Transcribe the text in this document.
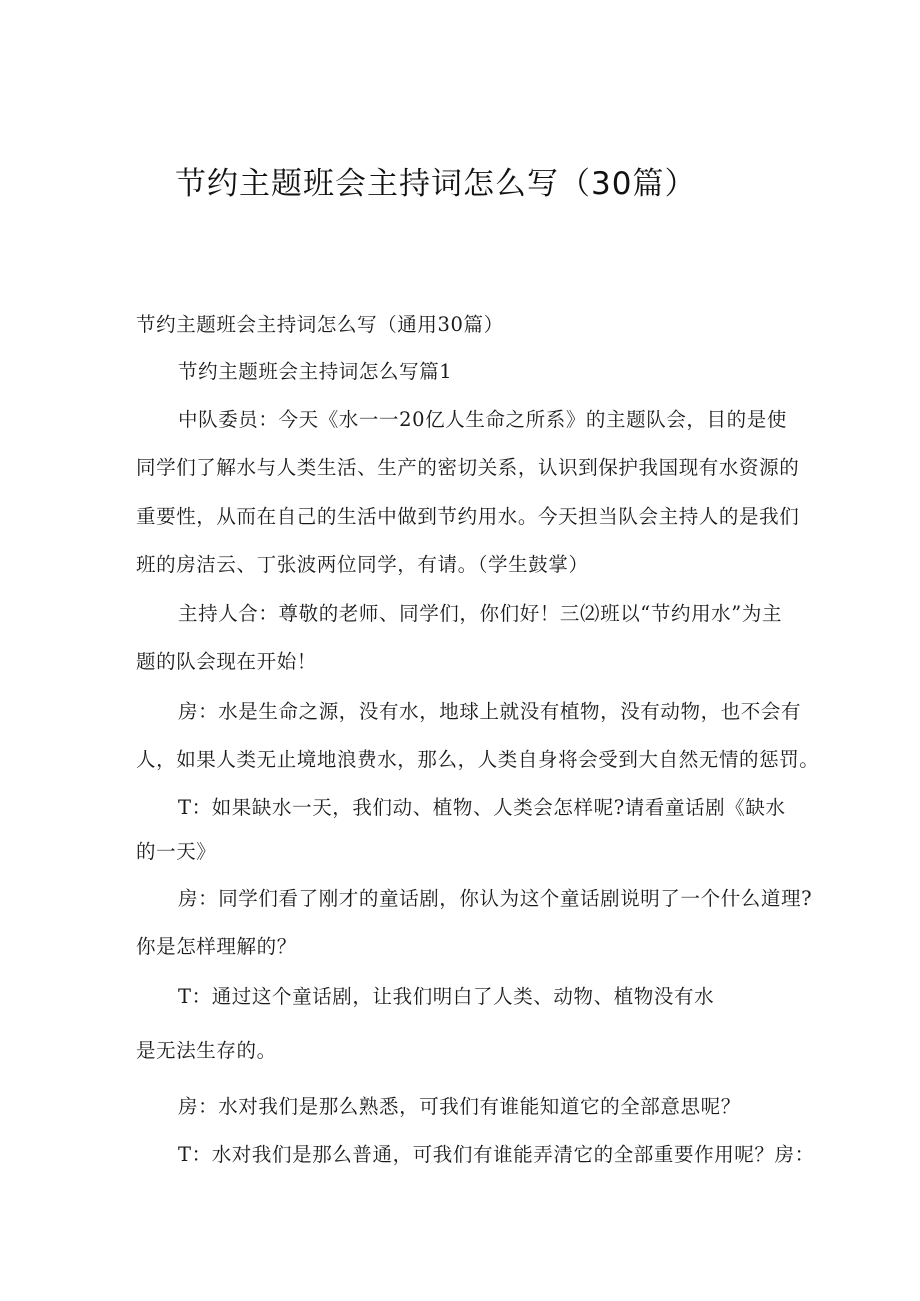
节约主题班会主持词怎么写（30篇）
节约主题班会主持词怎么写（通用30篇）
节约主题班会主持词怎么写篇1
中队委员：今天《水一一20亿人生命之所系》的主题队会，目的是使
同学们了解水与人类生活、生产的密切关系，认识到保护我国现有水资源的
重要性，从而在自己的生活中做到节约用水。今天担当队会主持人的是我们
班的房洁云、丁张波两位同学，有请。（学生鼓掌）
主持人合：尊敬的老师、同学们，你们好！三⑵班以“节约用水”为主
题的队会现在开始！
房：水是生命之源，没有水，地球上就没有植物，没有动物，也不会有
人，如果人类无止境地浪费水，那么，人类自身将会受到大自然无情的惩罚。
T：如果缺水一天，我们动、植物、人类会怎样呢?请看童话剧《缺水
的一天》
房：同学们看了刚才的童话剧，你认为这个童话剧说明了一个什么道理?
你是怎样理解的？
T：通过这个童话剧，让我们明白了人类、动物、植物没有水
是无法生存的。
房：水对我们是那么熟悉，可我们有谁能知道它的全部意思呢？
T：水对我们是那么普通，可我们有谁能弄清它的全部重要作用呢？房：
